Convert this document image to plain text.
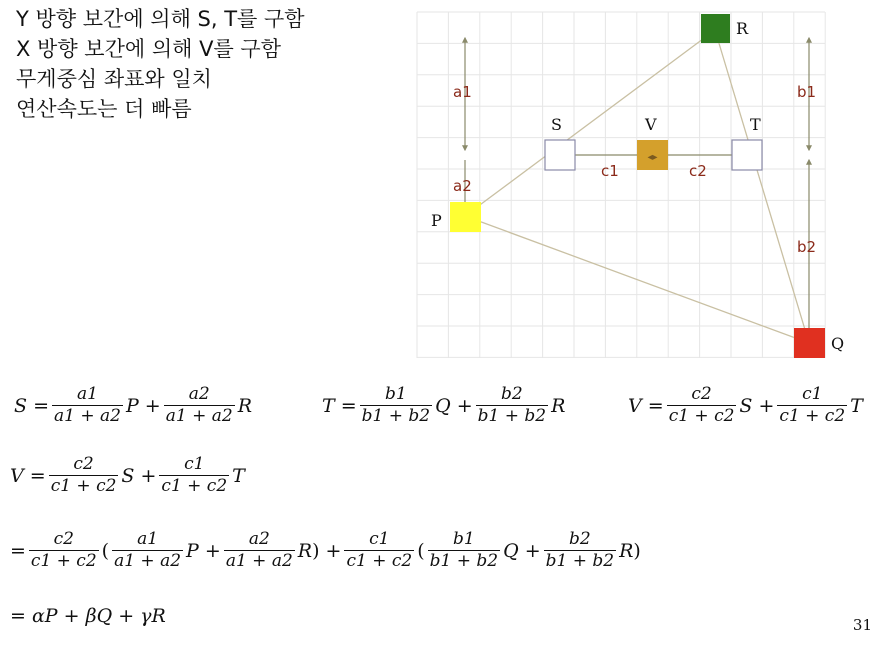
Y 방향 보간에 의해 S, T를 구함
X 방향 보간에 의해 V를 구함
무게중심 좌표와 일치
연산속도는 더 빠름
◂▸
R
S	V	T
P
Q
a1
a2
b1
b2
c1	c2
$S = \frac{a1}{a1 + a2}$ $P + \frac{a2}{a1 + a2}$ R	$T = \frac{b1}{b1 + b2}$ $Q + \frac{b2}{b1 + b2}$ R	$V = \frac{c2}{c1 + c2}$ $S + \frac{c1}{c1 + c2}$ T
$V = \frac{c2}{c1 + c2}$ $S + \frac{c1}{c1 + c2}$ T
= $\frac{c2}{c1 + c2}$ ( $\frac{a1}{a1 + a2}$ $P + \frac{a2}{a1 + a2}$ R ) + $\frac{c1}{c1 + c2}$ ( $\frac{b1}{b1 + b2}$ $Q + \frac{b2}{b1 + b2}$ R )
= αP + βQ + γR	31
